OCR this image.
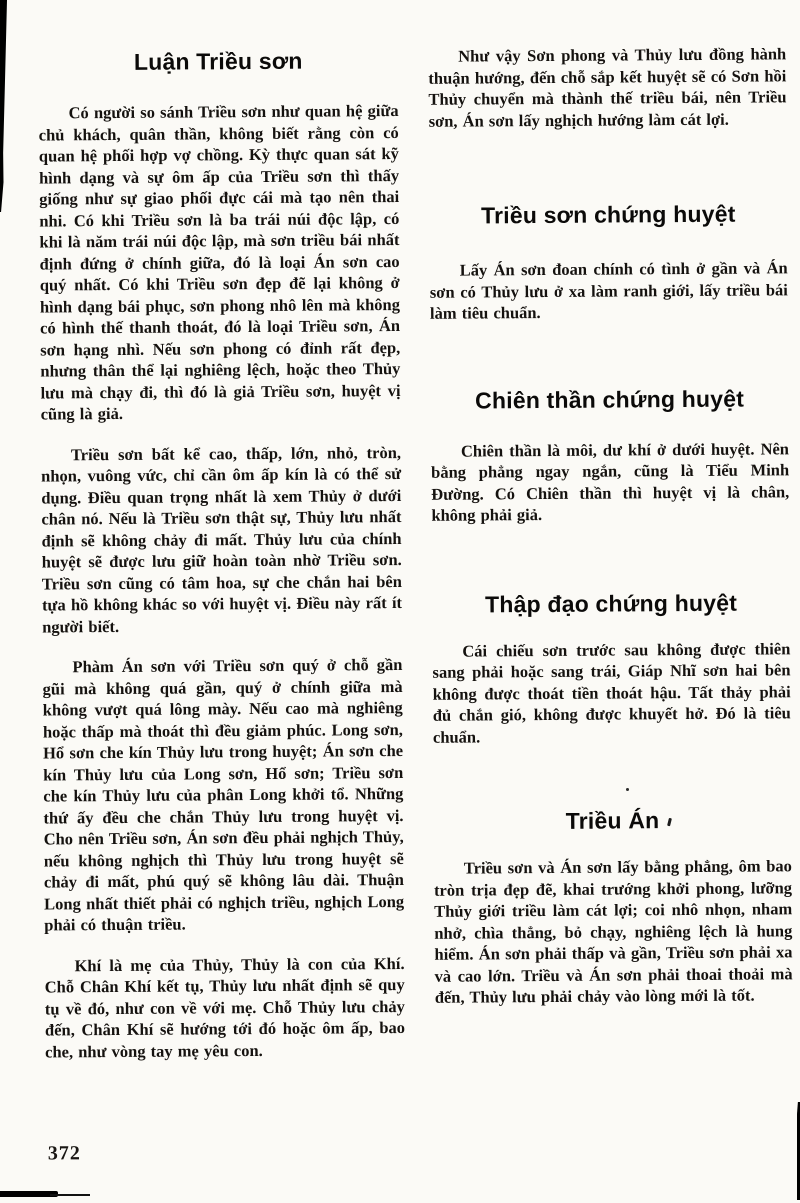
Luận Triều sơn

Có người so sánh Triều sơn như quan hệ giữa chủ khách, quân thần, không biết rằng còn có quan hệ phối hợp vợ chồng. Kỳ thực quan sát kỹ hình dạng và sự ôm ấp của Triều sơn thì thấy giống như sự giao phối đực cái mà tạo nên thai nhi. Có khi Triều sơn là ba trái núi độc lập, có khi là năm trái núi độc lập, mà sơn triều bái nhất định đứng ở chính giữa, đó là loại Án sơn cao quý nhất. Có khi Triều sơn đẹp đẽ lại không ở hình dạng bái phục, sơn phong nhô lên mà không có hình thế thanh thoát, đó là loại Triều sơn, Án sơn hạng nhì. Nếu sơn phong có đỉnh rất đẹp, nhưng thân thể lại nghiêng lệch, hoặc theo Thủy lưu mà chạy đi, thì đó là giả Triều sơn, huyệt vị cũng là giả.

Triều sơn bất kể cao, thấp, lớn, nhỏ, tròn, nhọn, vuông vức, chỉ cần ôm ấp kín là có thể sử dụng. Điều quan trọng nhất là xem Thủy ở dưới chân nó. Nếu là Triều sơn thật sự, Thủy lưu nhất định sẽ không chảy đi mất. Thủy lưu của chính huyệt sẽ được lưu giữ hoàn toàn nhờ Triều sơn. Triều sơn cũng có tâm hoa, sự che chắn hai bên tựa hồ không khác so với huyệt vị. Điều này rất ít người biết.

Phàm Án sơn với Triều sơn quý ở chỗ gần gũi mà không quá gần, quý ở chính giữa mà không vượt quá lông mày. Nếu cao mà nghiêng hoặc thấp mà thoát thì đều giảm phúc. Long sơn, Hổ sơn che kín Thủy lưu trong huyệt; Án sơn che kín Thủy lưu của Long sơn, Hổ sơn; Triều sơn che kín Thủy lưu của phân Long khởi tổ. Những thứ ấy đều che chắn Thủy lưu trong huyệt vị. Cho nên Triều sơn, Án sơn đều phải nghịch Thủy, nếu không nghịch thì Thủy lưu trong huyệt sẽ chảy đi mất, phú quý sẽ không lâu dài. Thuận Long nhất thiết phải có nghịch triều, nghịch Long phải có thuận triều.

Khí là mẹ của Thủy, Thủy là con của Khí. Chỗ Chân Khí kết tụ, Thủy lưu nhất định sẽ quy tụ về đó, như con về với mẹ. Chỗ Thủy lưu chảy đến, Chân Khí sẽ hướng tới đó hoặc ôm ấp, bao che, như vòng tay mẹ yêu con.

Như vậy Sơn phong và Thủy lưu đồng hành thuận hướng, đến chỗ sắp kết huyệt sẽ có Sơn hồi Thủy chuyển mà thành thế triều bái, nên Triều sơn, Án sơn lấy nghịch hướng làm cát lợi.

Triều sơn chứng huyệt

Lấy Án sơn đoan chính có tình ở gần và Án sơn có Thủy lưu ở xa làm ranh giới, lấy triều bái làm tiêu chuẩn.

Chiên thần chứng huyệt

Chiên thần là môi, dư khí ở dưới huyệt. Nên bằng phẳng ngay ngắn, cũng là Tiểu Minh Đường. Có Chiên thần thì huyệt vị là chân, không phải giả.

Thập đạo chứng huyệt

Cái chiếu sơn trước sau không được thiên sang phải hoặc sang trái, Giáp Nhĩ sơn hai bên không được thoát tiền thoát hậu. Tất thảy phải đủ chắn gió, không được khuyết hở. Đó là tiêu chuẩn.

Triều Án

Triều sơn và Án sơn lấy bằng phẳng, ôm bao tròn trịa đẹp đẽ, khai trướng khởi phong, lưỡng Thủy giới triều làm cát lợi; coi nhô nhọn, nham nhở, chìa thẳng, bỏ chạy, nghiêng lệch là hung hiểm. Án sơn phải thấp và gần, Triều sơn phải xa và cao lớn. Triều và Án sơn phải thoai thoải mà đến, Thủy lưu phải chảy vào lòng mới là tốt.

372
